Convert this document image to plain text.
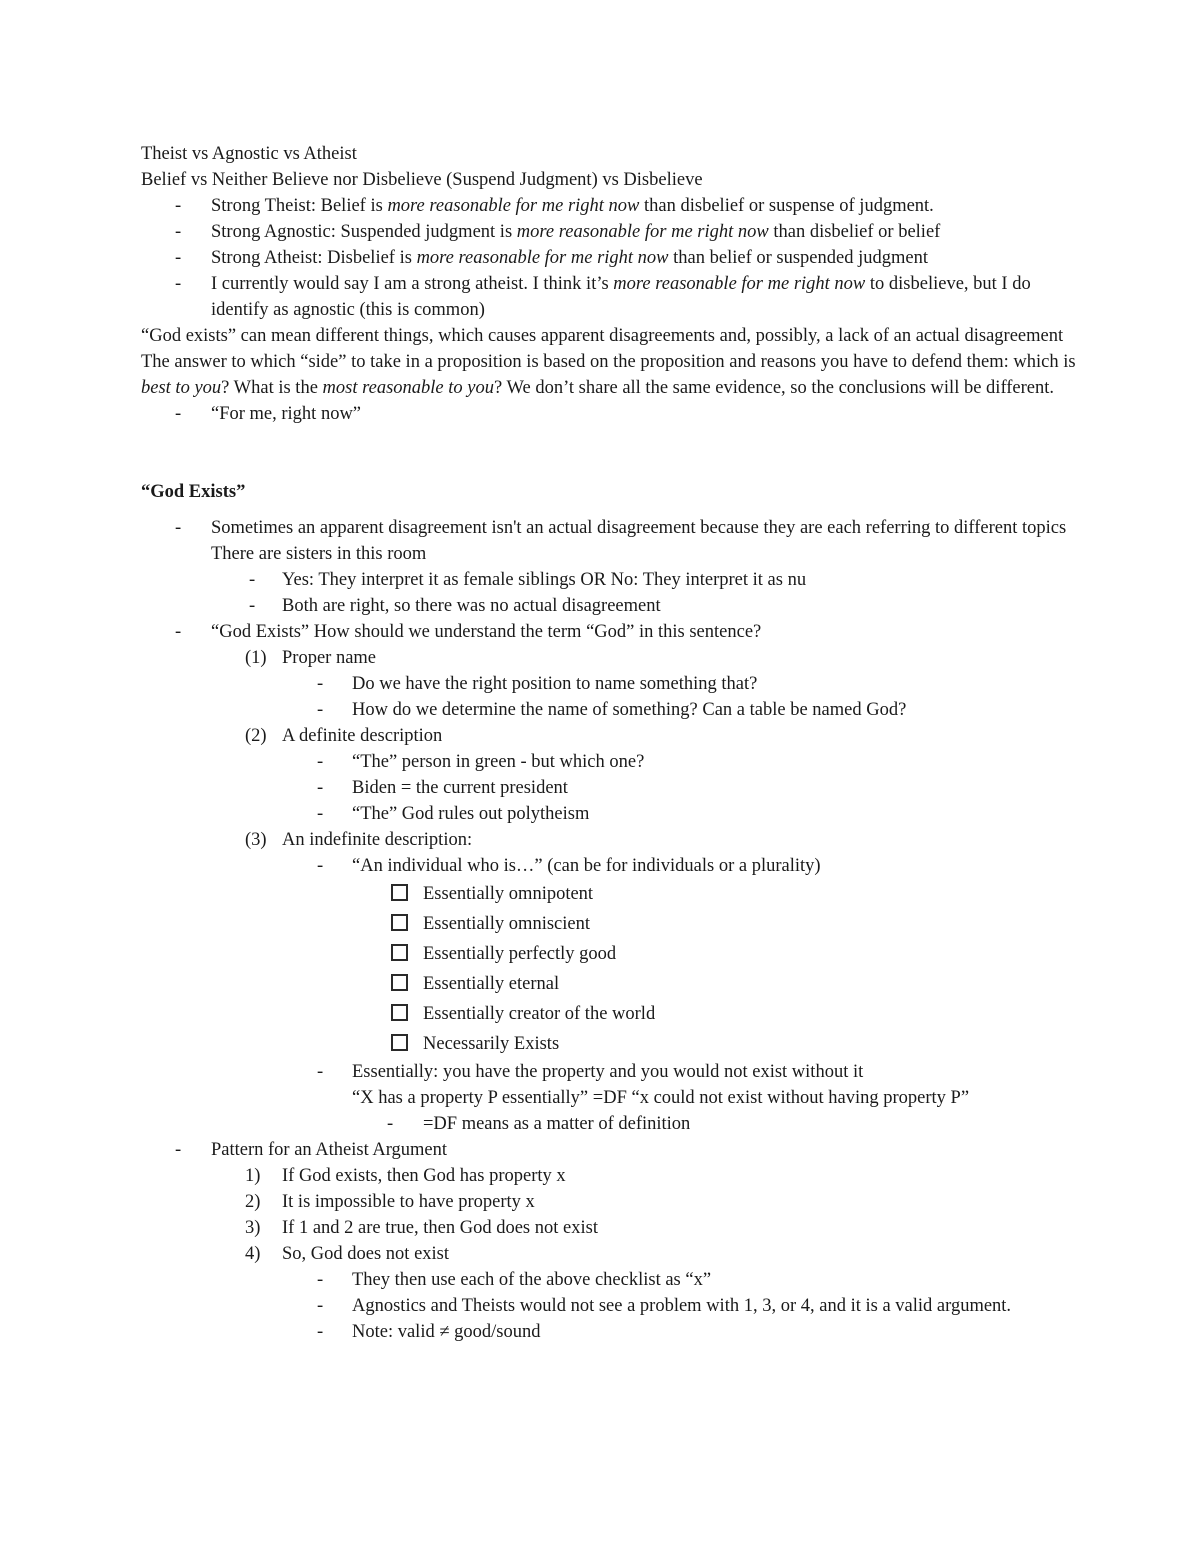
Theist vs Agnostic vs Atheist
Belief vs Neither Believe nor Disbelieve (Suspend Judgment) vs Disbelieve
- Strong Theist: Belief is more reasonable for me right now than disbelief or suspense of judgment.
- Strong Agnostic: Suspended judgment is more reasonable for me right now than disbelief or belief
- Strong Atheist: Disbelief is more reasonable for me right now than belief or suspended judgment
- I currently would say I am a strong atheist. I think it’s more reasonable for me right now to disbelieve, but I do identify as agnostic (this is common)
“God exists” can mean different things, which causes apparent disagreements and, possibly, a lack of an actual disagreement
The answer to which “side” to take in a proposition is based on the proposition and reasons you have to defend them: which is best to you? What is the most reasonable to you? We don’t share all the same evidence, so the conclusions will be different.
- “For me, right now”
“God Exists”
- Sometimes an apparent disagreement isn't an actual disagreement because they are each referring to different topics
There are sisters in this room
- Yes: They interpret it as female siblings OR No: They interpret it as nu
- Both are right, so there was no actual disagreement
- “God Exists” How should we understand the term “God” in this sentence?
(1) Proper name
- Do we have the right position to name something that?
- How do we determine the name of something? Can a table be named God?
(2) A definite description
- “The” person in green - but which one?
- Biden = the current president
- “The” God rules out polytheism
(3) An indefinite description:
- “An individual who is…” (can be for individuals or a plurality)
Essentially omnipotent
Essentially omniscient
Essentially perfectly good
Essentially eternal
Essentially creator of the world
Necessarily Exists
- Essentially: you have the property and you would not exist without it
“X has a property P essentially” =DF “x could not exist without having property P”
- =DF means as a matter of definition
- Pattern for an Atheist Argument
1) If God exists, then God has property x
2) It is impossible to have property x
3) If 1 and 2 are true, then God does not exist
4) So, God does not exist
- They then use each of the above checklist as “x”
- Agnostics and Theists would not see a problem with 1, 3, or 4, and it is a valid argument.
- Note: valid ≠ good/sound
